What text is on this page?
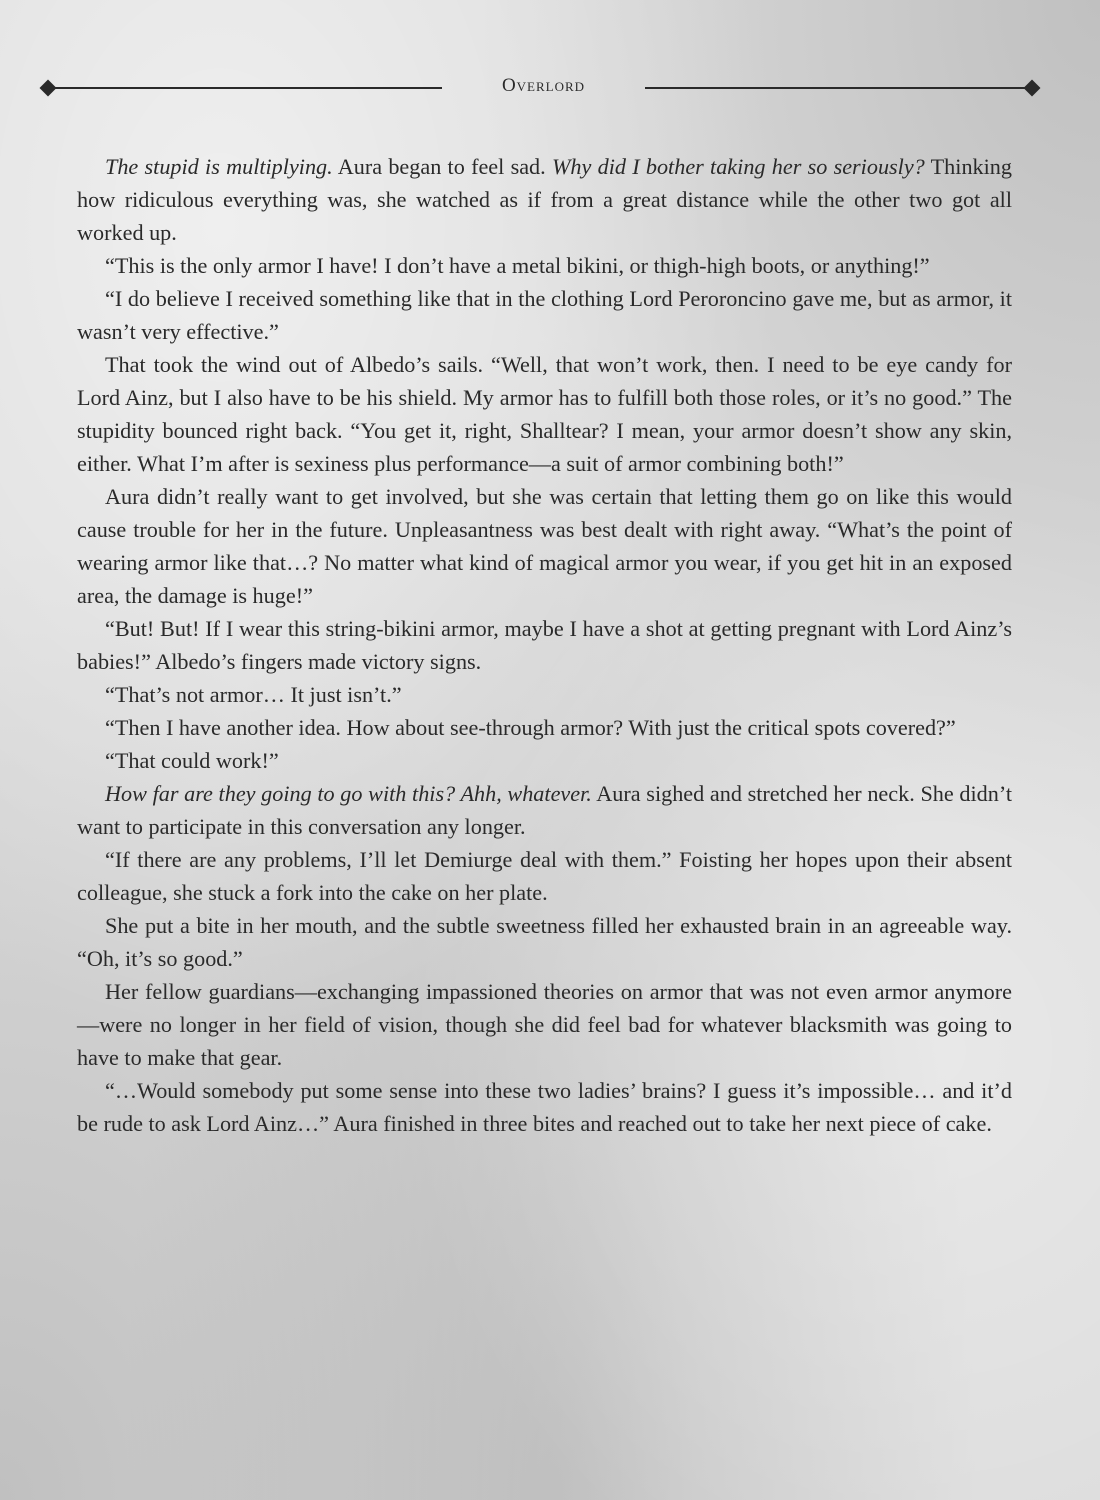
Overlord

The stupid is multiplying. Aura began to feel sad. Why did I bother taking her so seriously? Thinking how ridiculous everything was, she watched as if from a great distance while the other two got all worked up.

“This is the only armor I have! I don’t have a metal bikini, or thigh-high boots, or anything!”

“I do believe I received something like that in the clothing Lord Peroroncino gave me, but as armor, it wasn’t very effective.”

That took the wind out of Albedo’s sails. “Well, that won’t work, then. I need to be eye candy for Lord Ainz, but I also have to be his shield. My armor has to fulfill both those roles, or it’s no good.” The stupidity bounced right back. “You get it, right, Shalltear? I mean, your armor doesn’t show any skin, either. What I’m after is sexiness plus performance—a suit of armor combining both!”

Aura didn’t really want to get involved, but she was certain that letting them go on like this would cause trouble for her in the future. Unpleasantness was best dealt with right away. “What’s the point of wearing armor like that…? No matter what kind of magical armor you wear, if you get hit in an exposed area, the damage is huge!”

“But! But! If I wear this string-bikini armor, maybe I have a shot at getting pregnant with Lord Ainz’s babies!” Albedo’s fingers made victory signs.

“That’s not armor… It just isn’t.”

“Then I have another idea. How about see-through armor? With just the critical spots covered?”

“That could work!”

How far are they going to go with this? Ahh, whatever. Aura sighed and stretched her neck. She didn’t want to participate in this conversation any longer.

“If there are any problems, I’ll let Demiurge deal with them.” Foisting her hopes upon their absent colleague, she stuck a fork into the cake on her plate.

She put a bite in her mouth, and the subtle sweetness filled her exhausted brain in an agreeable way. “Oh, it’s so good.”

Her fellow guardians—exchanging impassioned theories on armor that was not even armor anymore—were no longer in her field of vision, though she did feel bad for whatever blacksmith was going to have to make that gear.

“…Would somebody put some sense into these two ladies’ brains? I guess it’s impossible… and it’d be rude to ask Lord Ainz…” Aura finished in three bites and reached out to take her next piece of cake.
